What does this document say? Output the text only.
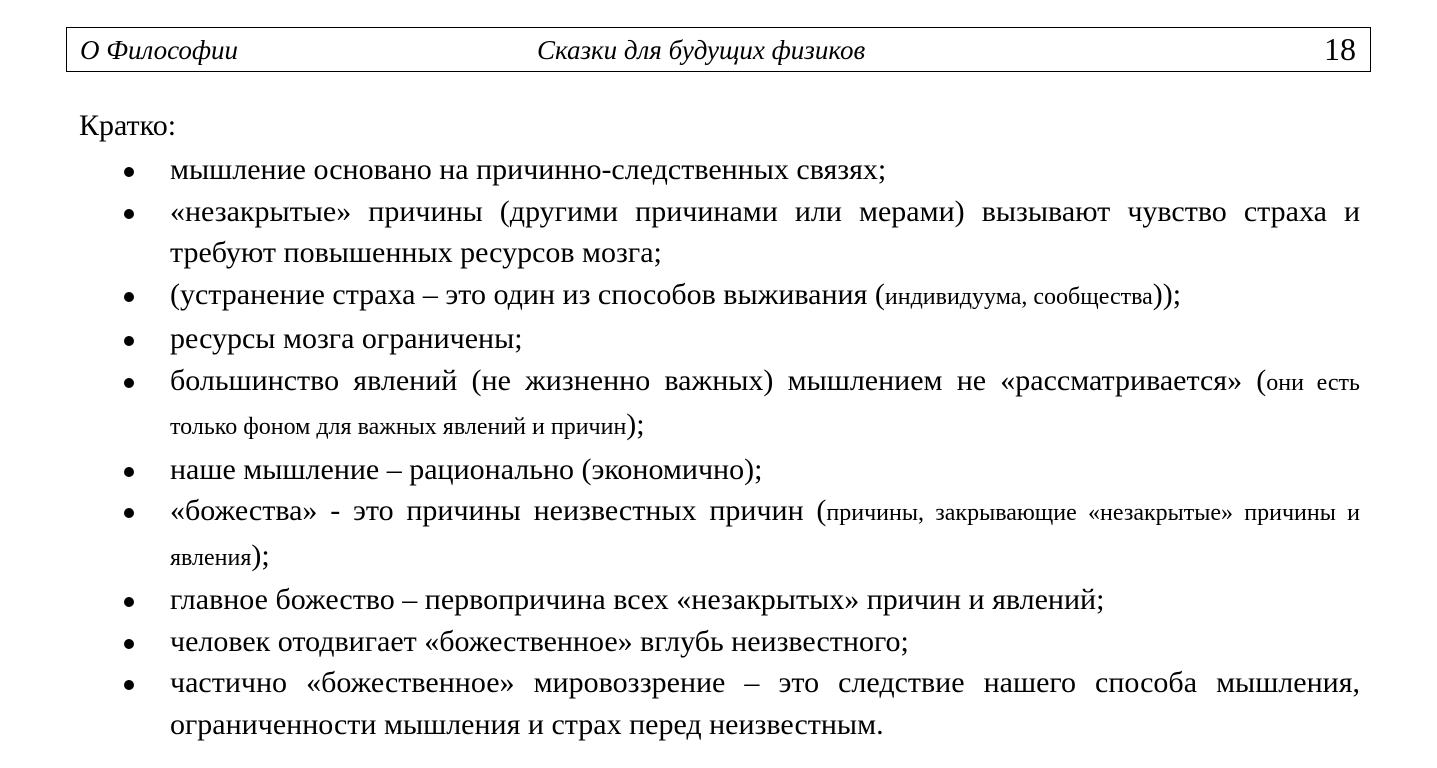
О Философии	Сказки для будущих физиков	18
Кратко:
мышление основано на причинно-следственных связях;
«незакрытые» причины (другими причинами или мерами) вызывают чувство страха и требуют повышенных ресурсов мозга;
(устранение страха – это один из способов выживания (индивидуума, сообщества));
ресурсы мозга ограничены;
большинство явлений (не жизненно важных) мышлением не «рассматривается» (они есть только фоном для важных явлений и причин);
наше мышление – рационально (экономично);
«божества» - это причины неизвестных причин (причины, закрывающие «незакрытые» причины и явления);
главное божество – первопричина всех «незакрытых» причин и явлений;
человек отодвигает «божественное» вглубь неизвестного;
частично «божественное» мировоззрение – это следствие нашего способа мышления, ограниченности мышления и страх перед неизвестным.
